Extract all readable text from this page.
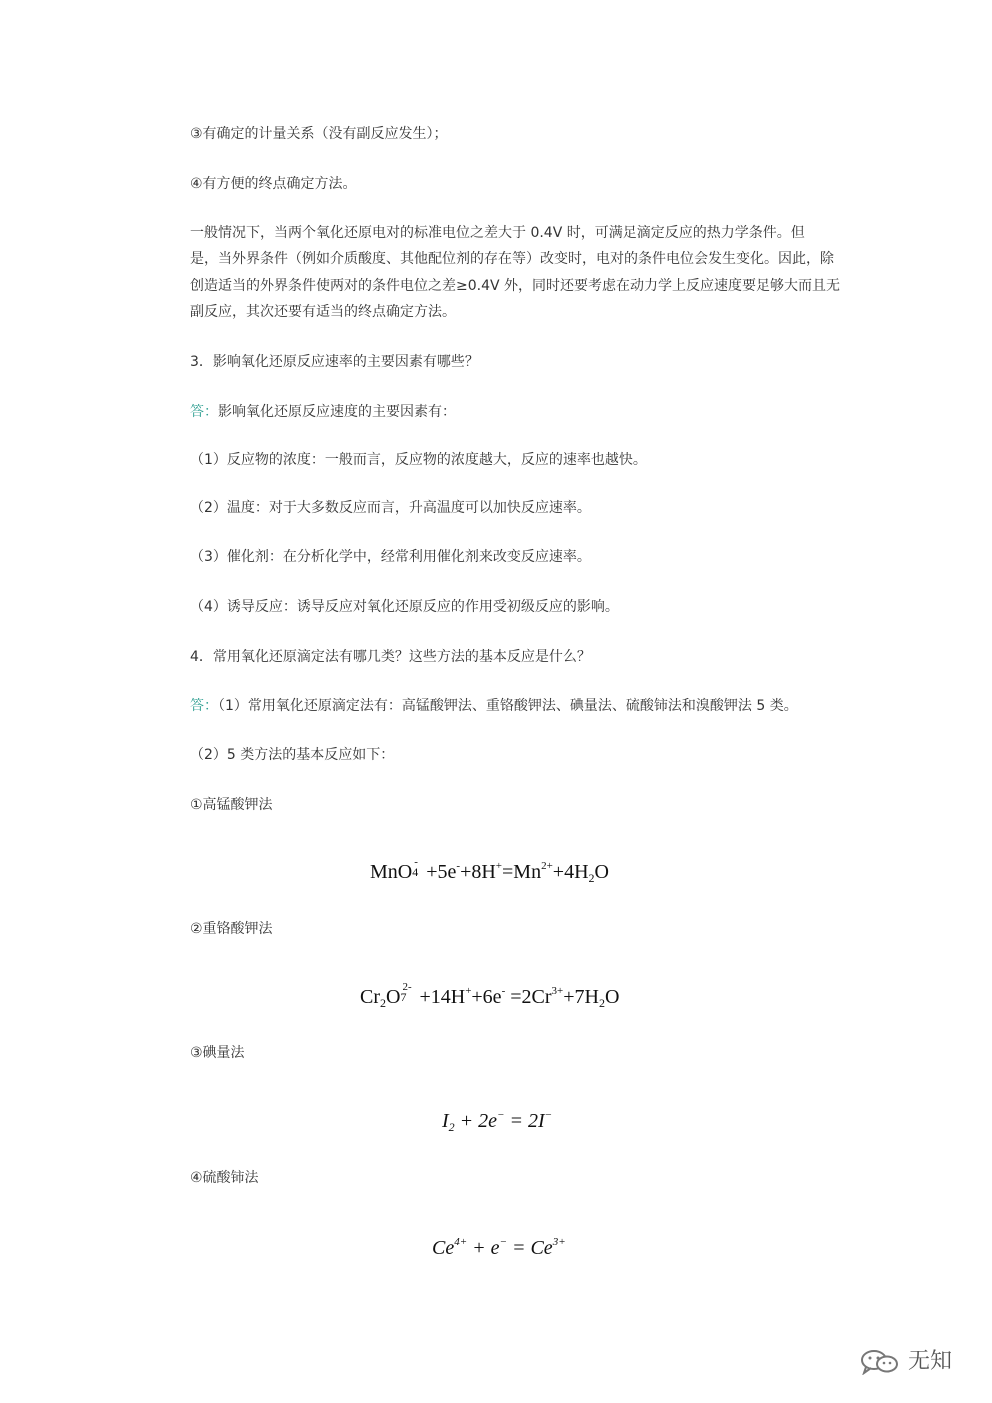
③有确定的计量关系（没有副反应发生）；
④有方便的终点确定方法。
一般情况下，当两个氧化还原电对的标准电位之差大于 0.4V 时，可满足滴定反应的热力学条件。但
是，当外界条件（例如介质酸度、其他配位剂的存在等）改变时，电对的条件电位会发生变化。因此，除
创造适当的外界条件使两对的条件电位之差≥0.4V 外，同时还要考虑在动力学上反应速度要足够大而且无
副反应，其次还要有适当的终点确定方法。
3．影响氧化还原反应速率的主要因素有哪些？
答：影响氧化还原反应速度的主要因素有：
（1）反应物的浓度：一般而言，反应物的浓度越大，反应的速率也越快。
（2）温度：对于大多数反应而言，升高温度可以加快反应速率。
（3）催化剂：在分析化学中，经常利用催化剂来改变反应速率。
（4）诱导反应：诱导反应对氧化还原反应的作用受初级反应的影响。
4．常用氧化还原滴定法有哪几类？这些方法的基本反应是什么？
答：（1）常用氧化还原滴定法有：高锰酸钾法、重铬酸钾法、碘量法、硫酸铈法和溴酸钾法 5 类。
（2）5 类方法的基本反应如下：
①高锰酸钾法
MnO 4
- $+5e^-+8H^+=Mn^{2+}+4H_2O$
②重铬酸钾法
$Cr_2O$ 7
$2- +14H^++6e^- =2Cr^{3+}+7H_2O$
③碘量法
$I_2 + 2e^- = 2I^-$
④硫酸铈法
$Ce^{4+} + e^- = Ce^{3+}$
无知
